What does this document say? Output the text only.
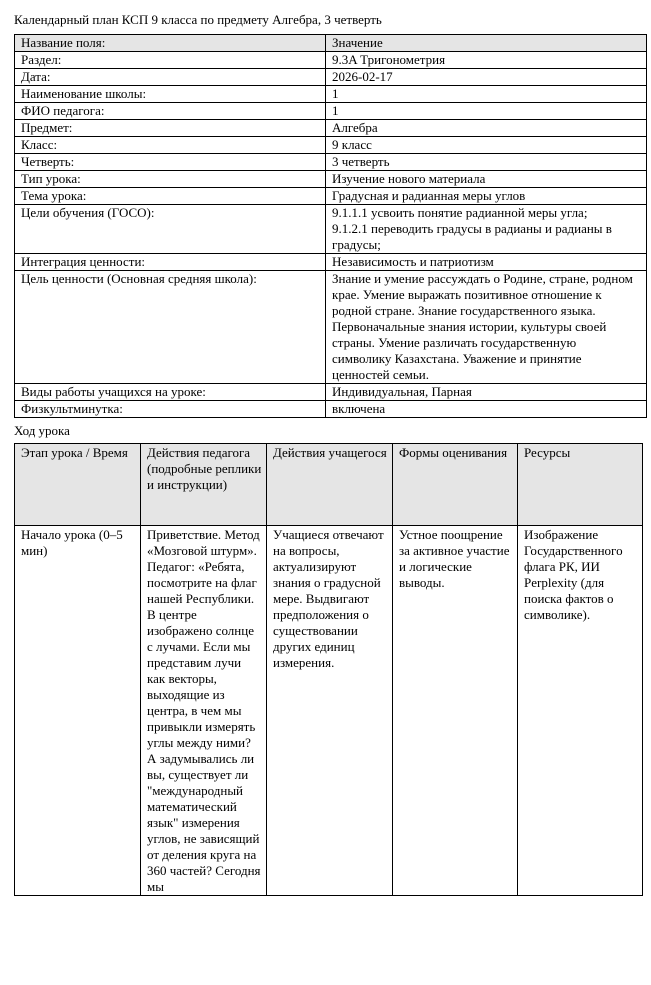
Календарный план КСП 9 класса по предмету Алгебра, 3 четверть
Название поля:	Значение
Раздел:	9.3A Тригонометрия
Дата:	2026-02-17
Наименование школы:	1
ФИО педагога:	1
Предмет:	Алгебра
Класс:	9 класс
Четверть:	3 четверть
Тип урока:	Изучение нового материала
Тема урока:	Градусная и радианная меры углов
Цели обучения (ГОСО):	9.1.1.1 усвоить понятие радианной меры угла;
9.1.2.1 переводить градусы в радианы и радианы в градусы;
Интеграция ценности:	Независимость и патриотизм
Цель ценности (Основная средняя школа):	Знание и умение рассуждать о Родине, стране, родном крае. Умение выражать позитивное отношение к родной стране. Знание государственного языка. Первоначальные знания истории, культуры своей страны. Умение различать государственную символику Казахстана. Уважение и принятие ценностей семьи.
Виды работы учащихся на уроке:	Индивидуальная, Парная
Физкультминутка:	включена
Ход урока
Этап урока / Время	Действия педагога (подробные реплики и инструкции)	Действия учащегося	Формы оценивания	Ресурсы
Начало урока (0–5 мин)	Приветствие. Метод «Мозговой штурм». Педагог: «Ребята, посмотрите на флаг нашей Республики. В центре изображено солнце с лучами. Если мы представим лучи как векторы, выходящие из центра, в чем мы привыкли измерять углы между ними? А задумывались ли вы, существует ли "международный математический язык" измерения углов, не зависящий от деления круга на 360 частей? Сегодня мы	Учащиеся отвечают на вопросы, актуализируют знания о градусной мере. Выдвигают предположения о существовании других единиц измерения.	Устное поощрение за активное участие и логические выводы.	Изображение Государственного флага РК, ИИ Perplexity (для поиска фактов о символике).
